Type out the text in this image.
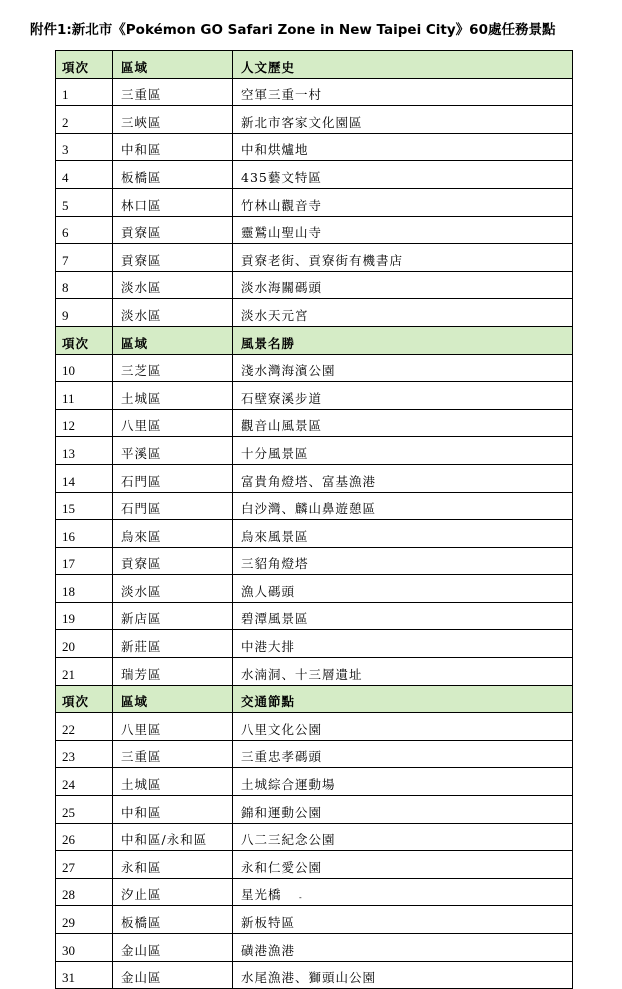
附件1:新北市《Pokémon GO Safari Zone in New Taipei City》60處任務景點
項次	區域	人文歷史
1	三重區	空軍三重一村
2	三峽區	新北市客家文化園區
3	中和區	中和烘爐地
4	板橋區	435藝文特區
5	林口區	竹林山觀音寺
6	貢寮區	靈鷲山聖山寺
7	貢寮區	貢寮老街、貢寮街有機書店
8	淡水區	淡水海關碼頭
9	淡水區	淡水天元宮
項次	區域	風景名勝
10	三芝區	淺水灣海濱公園
11	土城區	石壁寮溪步道
12	八里區	觀音山風景區
13	平溪區	十分風景區
14	石門區	富貴角燈塔、富基漁港
15	石門區	白沙灣、麟山鼻遊憩區
16	烏來區	烏來風景區
17	貢寮區	三貂角燈塔
18	淡水區	漁人碼頭
19	新店區	碧潭風景區
20	新莊區	中港大排
21	瑞芳區	水湳洞、十三層遺址
項次	區域	交通節點
22	八里區	八里文化公園
23	三重區	三重忠孝碼頭
24	土城區	土城綜合運動場
25	中和區	錦和運動公園
26	中和區/永和區	八二三紀念公園
27	永和區	永和仁愛公園
28	汐止區	星光橋
29	板橋區	新板特區
30	金山區	磺港漁港
31	金山區	水尾漁港、獅頭山公園
-
